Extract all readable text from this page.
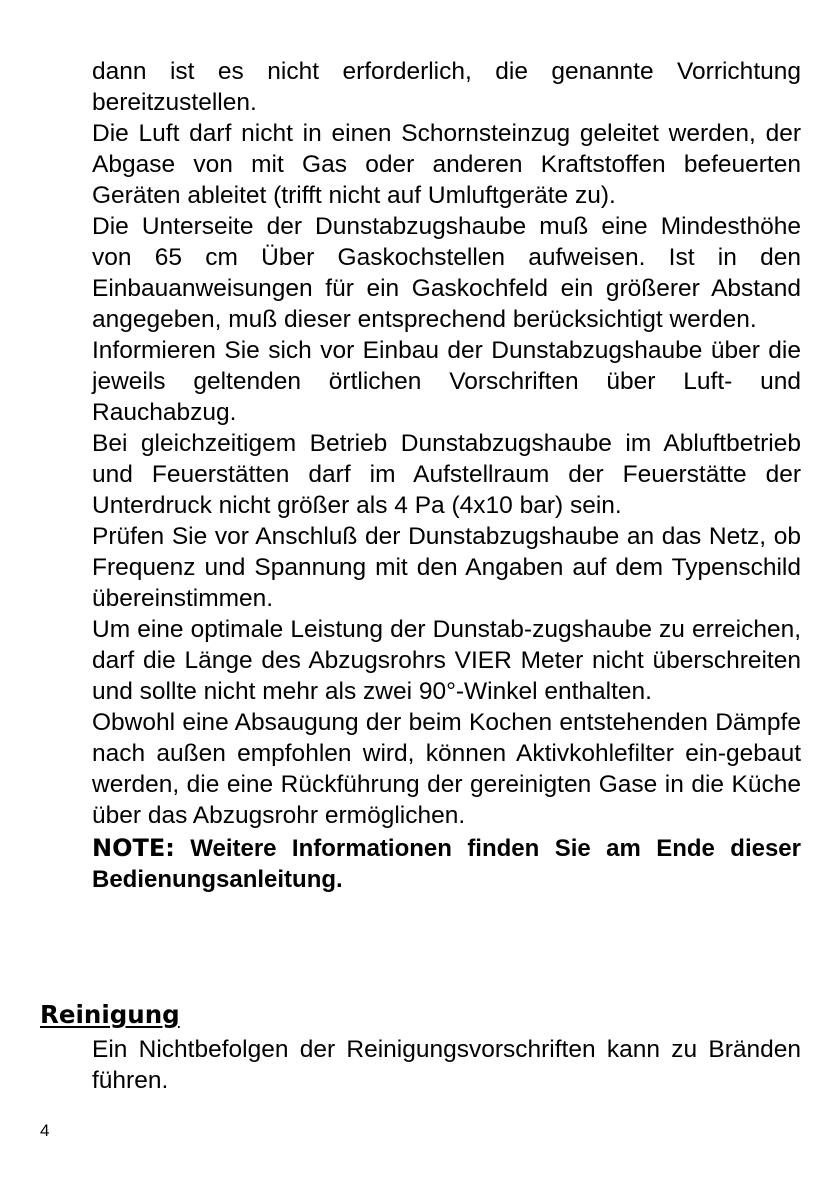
dann ist es nicht erforderlich, die genannte Vorrichtung bereitzustellen.

Die Luft darf nicht in einen Schornsteinzug geleitet werden, der Abgase von mit Gas oder anderen Kraftstoffen befeuerten Geräten ableitet (trifft nicht auf Umluftgeräte zu).

Die Unterseite der Dunstabzugshaube muß eine Mindesthöhe von 65 cm Über Gaskochstellen aufweisen. Ist in den Einbauanweisungen für ein Gaskochfeld ein größerer Abstand angegeben, muß dieser entsprechend berücksichtigt werden.

Informieren Sie sich vor Einbau der Dunstabzugshaube über die jeweils geltenden örtlichen Vorschriften über Luft- und Rauchabzug.

Bei gleichzeitigem Betrieb Dunstabzugshaube im Abluftbetrieb und Feuerstätten darf im Aufstellraum der Feuerstätte der Unterdruck nicht größer als 4 Pa (4x10 bar) sein.

Prüfen Sie vor Anschluß der Dunstabzugshaube an das Netz, ob Frequenz und Spannung mit den Angaben auf dem Typenschild übereinstimmen.

Um eine optimale Leistung der Dunstab-zugshaube zu erreichen, darf die Länge des Abzugsrohrs VIER Meter nicht überschreiten und sollte nicht mehr als zwei 90°-Winkel enthalten.

Obwohl eine Absaugung der beim Kochen entstehenden Dämpfe nach außen empfohlen wird, können Aktivkohlefilter ein-gebaut werden, die eine Rückführung der gereinigten Gase in die Küche über das Abzugsrohr ermöglichen.

NOTE: Weitere Informationen finden Sie am Ende dieser Bedienungsanleitung.

Reinigung

Ein Nichtbefolgen der Reinigungsvorschriften kann zu Bränden führen.

4
